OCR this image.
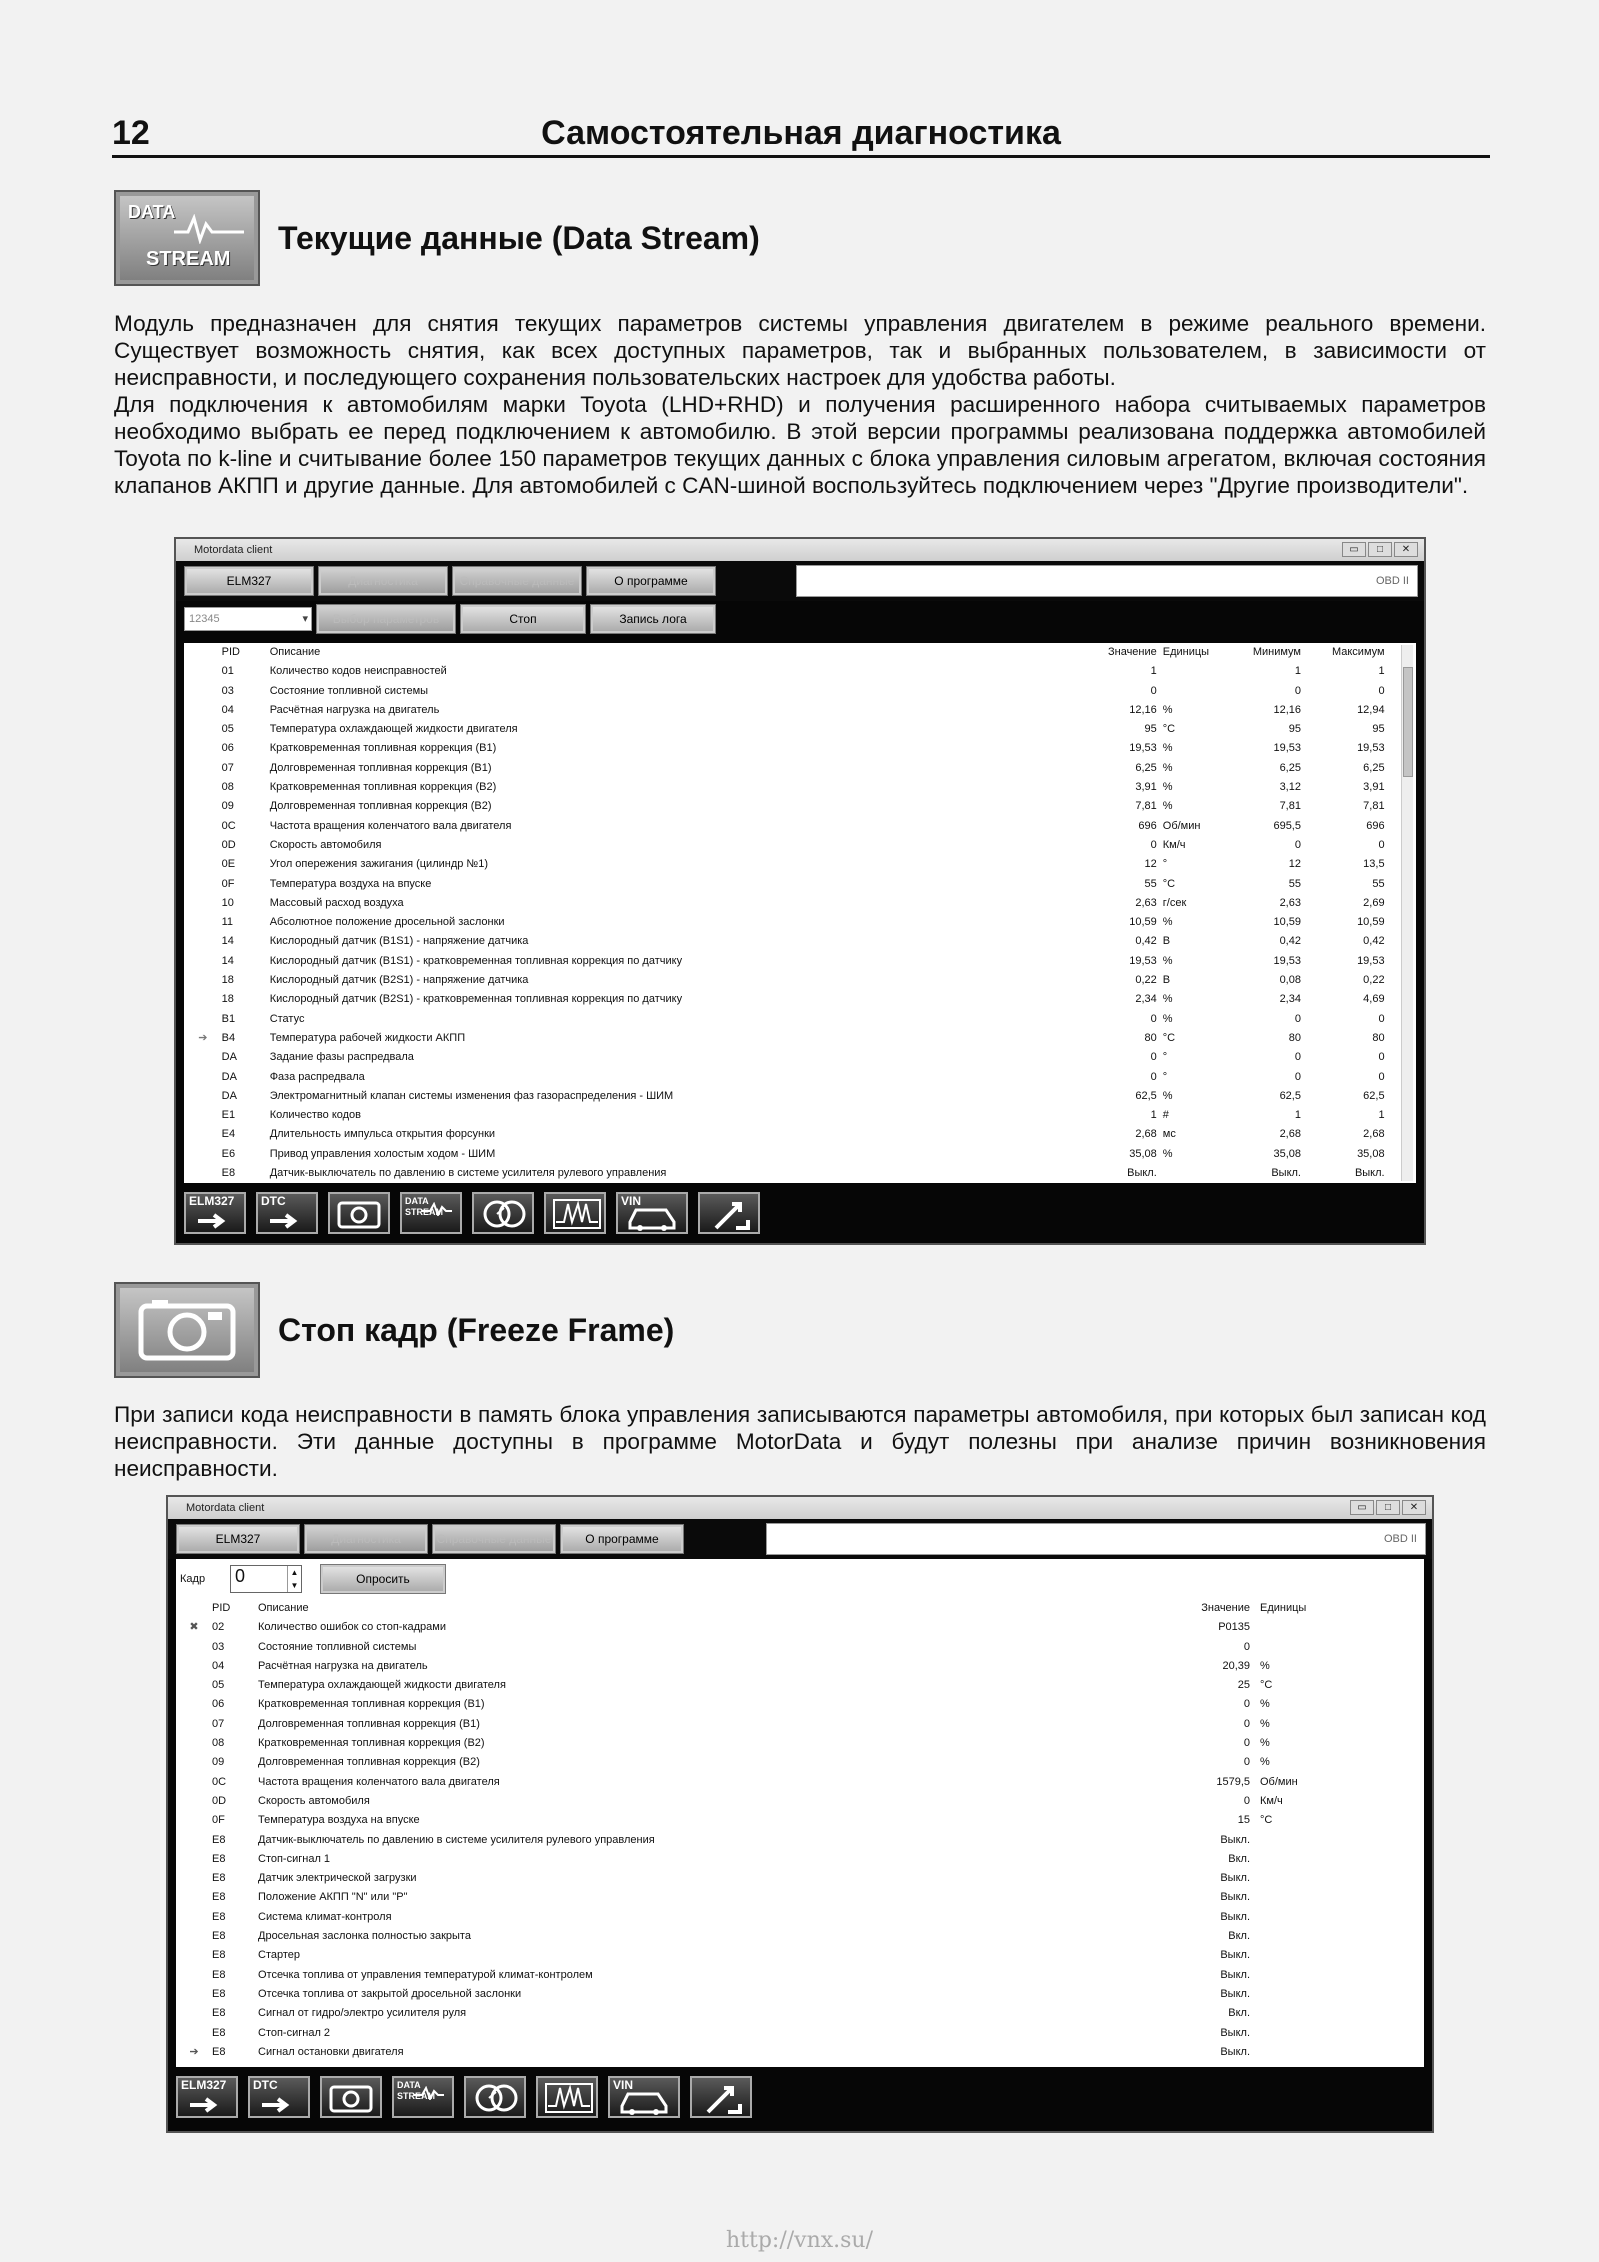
12	Самостоятельная диагностика
DATA
STREAM
Текущие данные (Data Stream)

Модуль предназначен для снятия текущих параметров системы управления двигателем в режиме реального времени. Существует возможность снятия, как всех доступных параметров, так и выбранных пользователем, в зависимости от неисправности, и последующего сохранения пользовательских настроек для удобства работы.

Для подключения к автомобилям марки Toyota (LHD+RHD) и получения расширенного набора считываемых параметров необходимо выбрать ее перед подключением к автомобилю. В этой версии программы реализована поддержка автомобилей Toyota по k-line и считывание более 150 параметров текущих данных с блока управления силовым агрегатом, включая состояния клапанов АКПП и другие данные. Для автомобилей с CAN-шиной воспользуйтесь подключением через "Другие производители".

Motordata client	▭	□	✕
ELM327	Диагностика	Справочные данные	О программе	OBD II
12345 ▾	Выбор параметров	Стоп	Запись лога
	PID	Описание	Значение	Единицы	Минимум	Максимум	
	01	Количество кодов неисправностей	1		1	1	
	03	Состояние топливной системы	0		0	0	
	04	Расчётная нагрузка на двигатель	12,16	%	12,16	12,94	
	05	Температура охлаждающей жидкости двигателя	95	°C	95	95	
	06	Кратковременная топливная коррекция (B1)	19,53	%	19,53	19,53	
	07	Долговременная топливная коррекция (B1)	6,25	%	6,25	6,25	
	08	Кратковременная топливная коррекция (B2)	3,91	%	3,12	3,91	
	09	Долговременная топливная коррекция (B2)	7,81	%	7,81	7,81	
	0C	Частота вращения коленчатого вала двигателя	696	Об/мин	695,5	696	
	0D	Скорость автомобиля	0	Км/ч	0	0	
	0E	Угол опережения зажигания (цилиндр №1)	12	°	12	13,5	
	0F	Температура воздуха на впуске	55	°C	55	55	
	10	Массовый расход воздуха	2,63	г/сек	2,63	2,69	
	11	Абсолютное положение дросельной заслонки	10,59	%	10,59	10,59	
	14	Кислородный датчик (B1S1) - напряжение датчика	0,42	В	0,42	0,42	
	14	Кислородный датчик (B1S1) - кратковременная топливная коррекция по датчику	19,53	%	19,53	19,53	
	18	Кислородный датчик (B2S1) - напряжение датчика	0,22	В	0,08	0,22	
	18	Кислородный датчик (B2S1) - кратковременная топливная коррекция по датчику	2,34	%	2,34	4,69	
	B1	Статус	0	%	0	0	
➔	B4	Температура рабочей жидкости АКПП	80	°C	80	80	
	DA	Задание фазы распредвала	0	°	0	0	
	DA	Фаза распредвала	0	°	0	0	
	DA	Электромагнитный клапан системы изменения фаз газораспределения - ШИМ	62,5	%	62,5	62,5	
	E1	Количество кодов	1	#	1	1	
	E4	Длительность импульса открытия форсунки	2,68	мс	2,68	2,68	
	E6	Привод управления холостым ходом - ШИМ	35,08	%	35,08	35,08	
	E8	Датчик-выключатель по давлению в системе усилителя рулевого управления	Выкл.		Выкл.	Выкл.	
ELM327	DTC	DATA STREAM
VIN
Стоп кадр (Freeze Frame)

При записи кода неисправности в память блока управления записываются параметры автомобиля, при которых был записан код неисправности. Эти данные доступны в программе MotorData и будут полезны при анализе причин возникновения неисправности.

Motordata client	▭	□	✕
ELM327	Диагностика	Справочные данные	О программе	OBD II
Кадр	0	▲
▼	Опросить
	PID	Описание	Значение	Единицы	
✖	02	Количество ошибок со стоп-кадрами	P0135		
	03	Состояние топливной системы	0		
	04	Расчётная нагрузка на двигатель	20,39	%	
	05	Температура охлаждающей жидкости двигателя	25	°C	
	06	Кратковременная топливная коррекция (B1)	0	%	
	07	Долговременная топливная коррекция (B1)	0	%	
	08	Кратковременная топливная коррекция (B2)	0	%	
	09	Долговременная топливная коррекция (B2)	0	%	
	0C	Частота вращения коленчатого вала двигателя	1579,5	Об/мин	
	0D	Скорость автомобиля	0	Км/ч	
	0F	Температура воздуха на впуске	15	°C	
	E8	Датчик-выключатель по давлению в системе усилителя рулевого управления	Выкл.		
	E8	Стоп-сигнал 1	Вкл.		
	E8	Датчик электрической загрузки	Выкл.		
	E8	Положение АКПП "N" или "P"	Выкл.		
	E8	Система климат-контроля	Выкл.		
	E8	Дросельная заслонка полностью закрыта	Вкл.		
	E8	Стартер	Выкл.		
	E8	Отсечка топлива от управления температурой климат-контролем	Выкл.		
	E8	Отсечка топлива от закрытой дросельной заслонки	Выкл.		
	E8	Сигнал от гидро/электро усилителя руля	Вкл.		
	E8	Стоп-сигнал 2	Выкл.		
➔	E8	Сигнал остановки двигателя	Выкл.		
ELM327	DTC	DATA STREAM
VIN
http://vnx.su/
